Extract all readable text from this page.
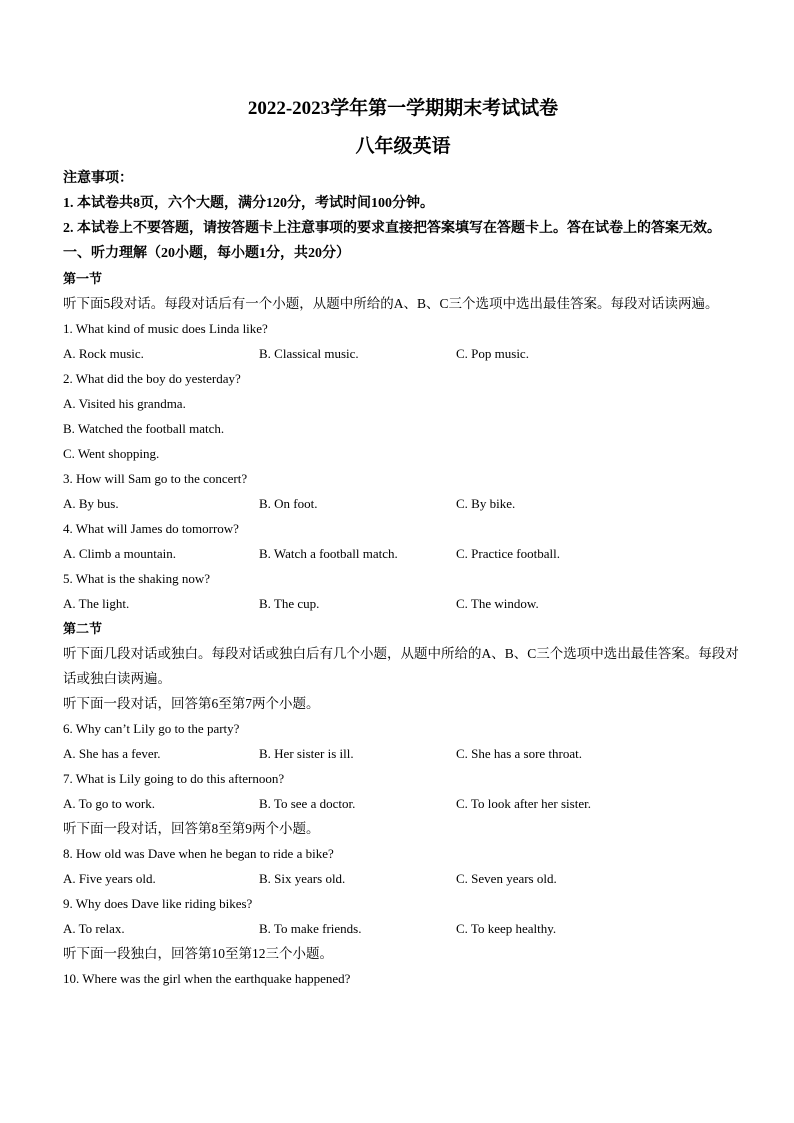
2022-2023学年第一学期期末考试试卷
八年级英语
注意事项：
1. 本试卷共8页，六个大题，满分120分，考试时间100分钟。
2. 本试卷上不要答题，请按答题卡上注意事项的要求直接把答案填写在答题卡上。答在试卷上的答案无效。
一、听力理解（20小题，每小题1分，共20分）
第一节
听下面5段对话。每段对话后有一个小题，从题中所给的A、B、C三个选项中选出最佳答案。每段对话读两遍。
1. What kind of music does Linda like?
A. Rock music.	B. Classical music.	C. Pop music.
2. What did the boy do yesterday?
A. Visited his grandma.
B. Watched the football match.
C. Went shopping.
3. How will Sam go to the concert?
A. By bus.	B. On foot.	C. By bike.
4. What will James do tomorrow?
A. Climb a mountain.	B. Watch a football match.	C. Practice football.
5. What is the shaking now?
A. The light.	B. The cup.	C. The window.
第二节
听下面几段对话或独白。每段对话或独白后有几个小题，从题中所给的A、B、C三个选项中选出最佳答案。每段对话或独白读两遍。
听下面一段对话，回答第6至第7两个小题。
6. Why can’t Lily go to the party?
A. She has a fever.	B. Her sister is ill.	C. She has a sore throat.
7. What is Lily going to do this afternoon?
A. To go to work.	B. To see a doctor.	C. To look after her sister.
听下面一段对话，回答第8至第9两个小题。
8. How old was Dave when he began to ride a bike?
A. Five years old.	B. Six years old.	C. Seven years old.
9. Why does Dave like riding bikes?
A. To relax.	B. To make friends.	C. To keep healthy.
听下面一段独白，回答第10至第12三个小题。
10. Where was the girl when the earthquake happened?
